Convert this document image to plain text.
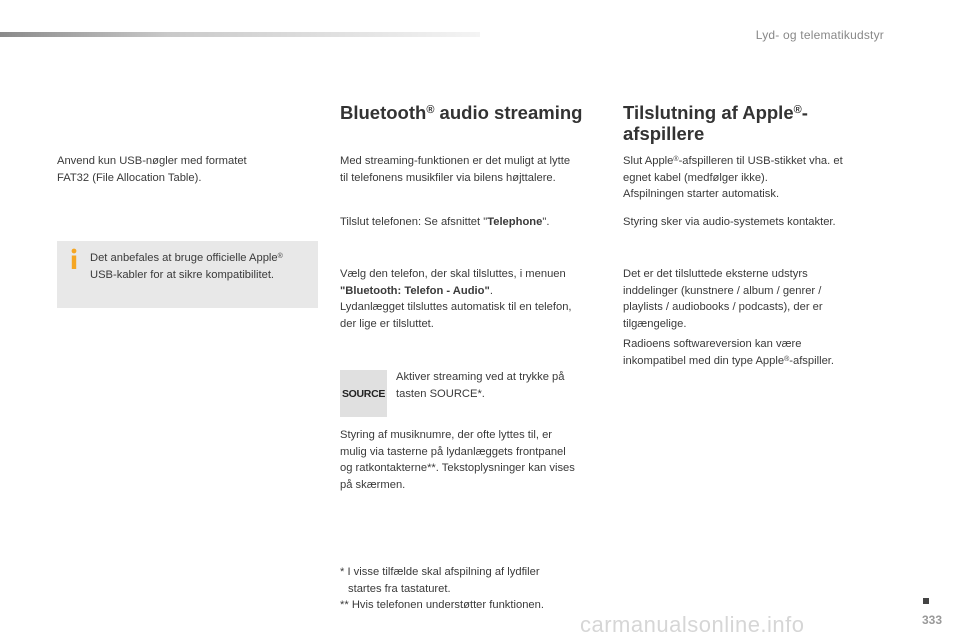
Lyd- og telematikudstyr

Anvend kun USB-nøgler med formatet

FAT32 (File Allocation Table).

Det anbefales at bruge officielle Apple®

USB-kabler for at sikre kompatibilitet.

Bluetooth® audio streaming

Med streaming-funktionen er det muligt at lytte

til telefonens musikfiler via bilens højttalere.

Tilslut telefonen: Se afsnittet "Telephone".

Vælg den telefon, der skal tilsluttes, i menuen

"Bluetooth: Telefon - Audio".

Lydanlægget tilsluttes automatisk til en telefon,

der lige er tilsluttet.

SOURCE

Aktiver streaming ved at trykke på

tasten SOURCE*.

Styring af musiknumre, der ofte lyttes til, er

mulig via tasterne på lydanlæggets frontpanel

og ratkontakterne**. Tekstoplysninger kan vises

på skærmen.

* I visse tilfælde skal afspilning af lydfiler

startes fra tastaturet.

** Hvis telefonen understøtter funktionen.

Tilslutning af Apple®-
afspillere

Slut Apple®-afspilleren til USB-stikket vha. et

egnet kabel (medfølger ikke).

Afspilningen starter automatisk.

Styring sker via audio-systemets kontakter.

Det er det tilsluttede eksterne udstyrs

inddelinger (kunstnere / album / genrer /

playlists / audiobooks / podcasts), der er

tilgængelige.

Radioens softwareversion kan være

inkompatibel med din type Apple®-afspiller.

333
carmanualsonline.info
